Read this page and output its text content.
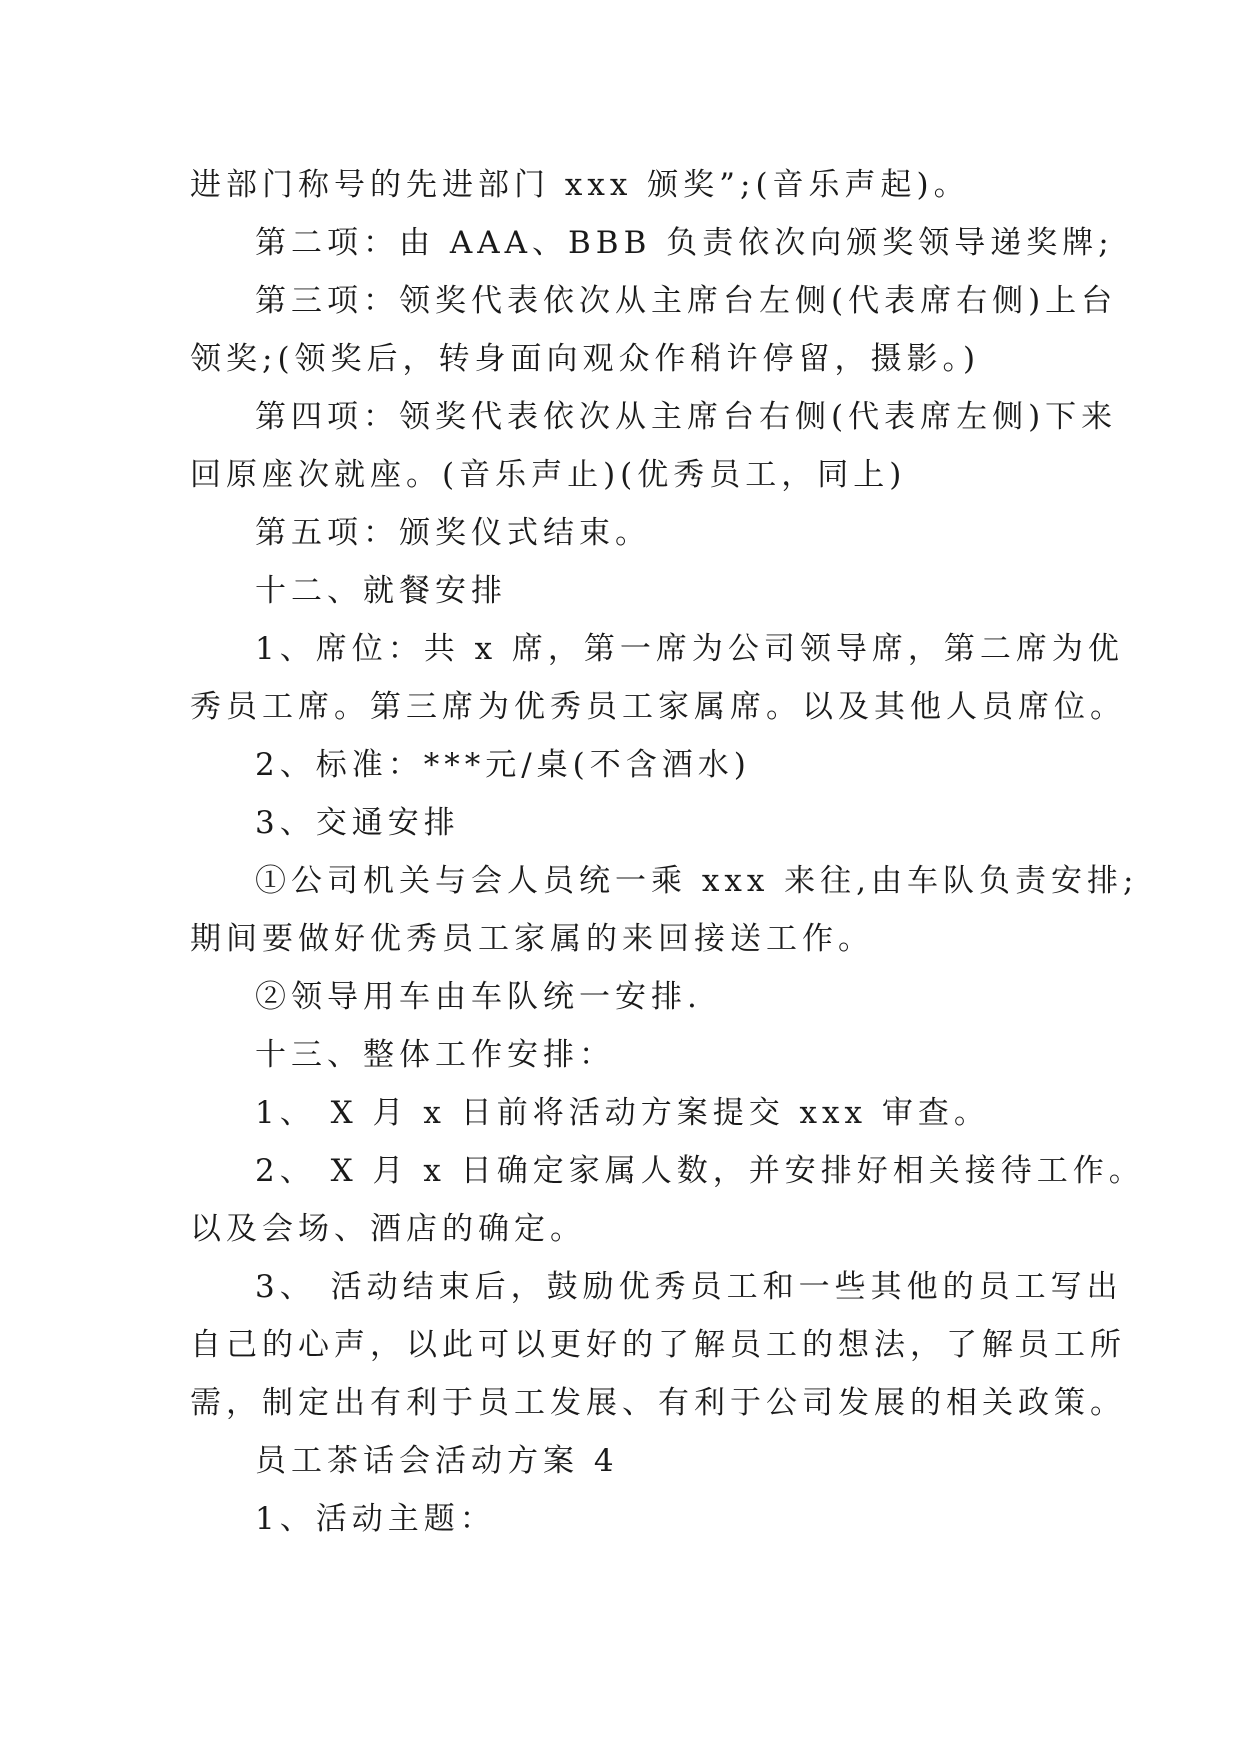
进部门称号的先进部门 xxx 颁奖”;(音乐声起)。
第二项：由 AAA、BBB 负责依次向颁奖领导递奖牌;
第三项：领奖代表依次从主席台左侧(代表席右侧)上台
领奖;(领奖后，转身面向观众作稍许停留，摄影。)
第四项：领奖代表依次从主席台右侧(代表席左侧)下来
回原座次就座。(音乐声止)(优秀员工，同上)
第五项：颁奖仪式结束。
十二、就餐安排
1、席位：共 x 席，第一席为公司领导席，第二席为优
秀员工席。第三席为优秀员工家属席。以及其他人员席位。
2、标准：***元/桌(不含酒水)
3、交通安排
①公司机关与会人员统一乘 xxx 来往,由车队负责安排;
期间要做好优秀员工家属的来回接送工作。
②领导用车由车队统一安排.
十三、整体工作安排：
1、 X 月 x 日前将活动方案提交 xxx 审查。
2、 X 月 x 日确定家属人数，并安排好相关接待工作。
以及会场、酒店的确定。
3、 活动结束后，鼓励优秀员工和一些其他的员工写出
自己的心声，以此可以更好的了解员工的想法，了解员工所
需，制定出有利于员工发展、有利于公司发展的相关政策。
员工茶话会活动方案 4
1、活动主题：
